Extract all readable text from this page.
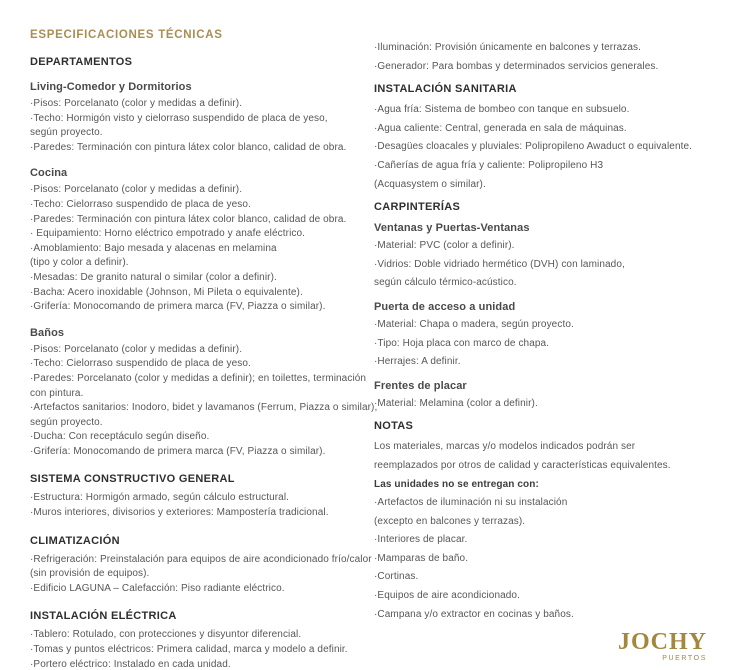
ESPECIFICACIONES TÉCNICAS
DEPARTAMENTOS
Living-Comedor y Dormitorios
·Pisos: Porcelanato (color y medidas a definir).
·Techo: Hormigón visto y cielorraso suspendido de placa de yeso,
según proyecto.
·Paredes: Terminación con pintura látex color blanco, calidad de obra.
Cocina
·Pisos: Porcelanato (color y medidas a definir).
·Techo: Cielorraso suspendido de placa de yeso.
·Paredes: Terminación con pintura látex color blanco, calidad de obra.
· Equipamiento: Horno eléctrico empotrado y anafe eléctrico.
·Amoblamiento: Bajo mesada y alacenas en melamina
(tipo y color a definir).
·Mesadas: De granito natural o similar (color a definir).
·Bacha: Acero inoxidable (Johnson, Mi Pileta o equivalente).
·Grifería: Monocomando de primera marca (FV, Piazza o similar).
Baños
·Pisos: Porcelanato (color y medidas a definir).
·Techo: Cielorraso suspendido de placa de yeso.
·Paredes: Porcelanato (color y medidas a definir); en toilettes, terminación
con pintura.
·Artefactos sanitarios: Inodoro, bidet y lavamanos (Ferrum, Piazza o similar),
según proyecto.
·Ducha: Con receptáculo según diseño.
·Grifería: Monocomando de primera marca (FV, Piazza o similar).
SISTEMA CONSTRUCTIVO GENERAL
·Estructura: Hormigón armado, según cálculo estructural.
·Muros interiores, divisorios y exteriores: Mampostería tradicional.
CLIMATIZACIÓN
·Refrigeración: Preinstalación para equipos de aire acondicionado frío/calor
(sin provisión de equipos).
·Edificio LAGUNA – Calefacción: Piso radiante eléctrico.
INSTALACIÓN ELÉCTRICA
·Tablero: Rotulado, con protecciones y disyuntor diferencial.
·Tomas y puntos eléctricos: Primera calidad, marca y modelo a definir.
·Portero eléctrico: Instalado en cada unidad.
·Iluminación: Provisión únicamente en balcones y terrazas.
·Generador: Para bombas y determinados servicios generales.
INSTALACIÓN SANITARIA
·Agua fría: Sistema de bombeo con tanque en subsuelo.
·Agua caliente: Central, generada en sala de máquinas.
·Desagües cloacales y pluviales: Polipropileno Awaduct o equivalente.
·Cañerías de agua fría y caliente: Polipropileno H3
(Acquasystem o similar).
CARPINTERÍAS
Ventanas y Puertas-Ventanas
·Material: PVC (color a definir).
·Vidrios: Doble vidriado hermético (DVH) con laminado,
según cálculo térmico-acústico.
Puerta de acceso a unidad
·Material: Chapa o madera, según proyecto.
·Tipo: Hoja placa con marco de chapa.
·Herrajes: A definir.
Frentes de placar
·Material: Melamina (color a definir).
NOTAS
Los materiales, marcas y/o modelos indicados podrán ser
reemplazados por otros de calidad y características equivalentes.
Las unidades no se entregan con:
·Artefactos de iluminación ni su instalación
(excepto en balcones y terrazas).
·Interiores de placar.
·Mamparas de baño.
·Cortinas.
·Equipos de aire acondicionado.
·Campana y/o extractor en cocinas y baños.
JOCHY
PUERTOS
